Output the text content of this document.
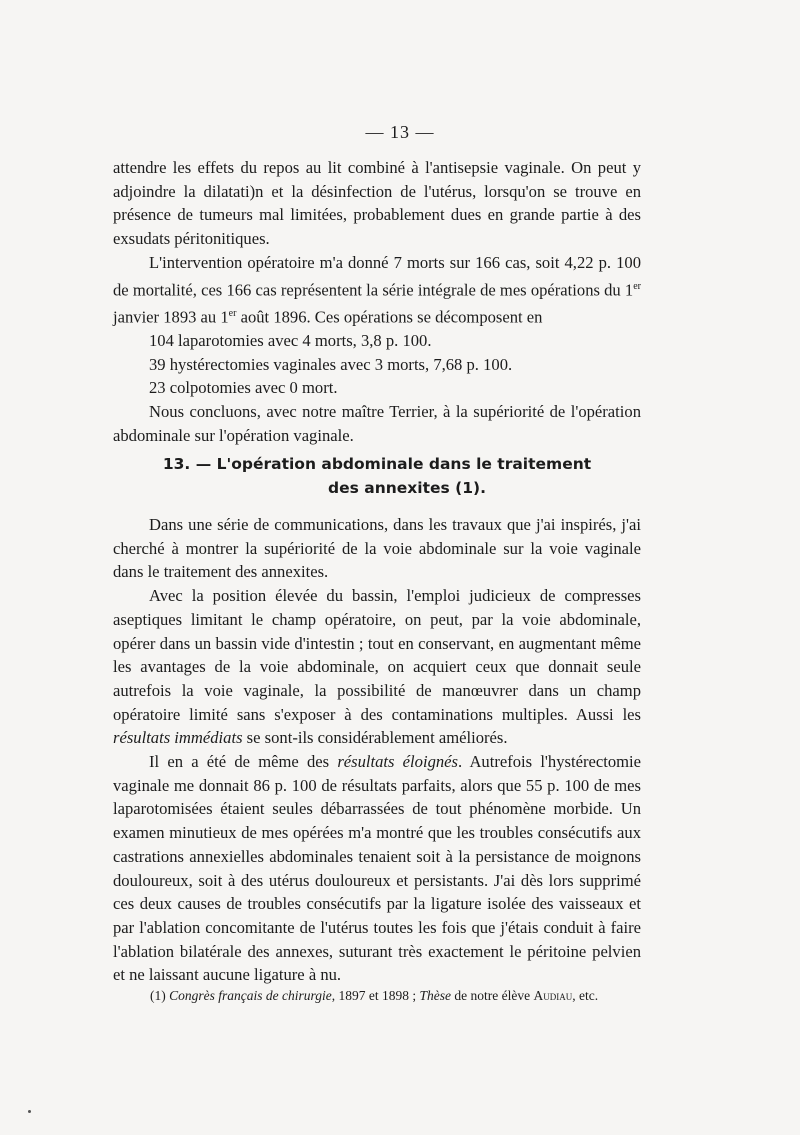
— 13 —

attendre les effets du repos au lit combiné à l'antisepsie vaginale. On peut y adjoindre la dilatati)n et la désinfection de l'utérus, lorsqu'on se trouve en présence de tumeurs mal limitées, probablement dues en grande partie à des exsudats péritonitiques.

L'intervention opératoire m'a donné 7 morts sur 166 cas, soit 4,22 p. 100 de mortalité, ces 166 cas représentent la série intégrale de mes opérations du 1er janvier 1893 au 1er août 1896. Ces opérations se décomposent en

104 laparotomies avec 4 morts, 3,8 p. 100.

39 hystérectomies vaginales avec 3 morts, 7,68 p. 100.

23 colpotomies avec 0 mort.

Nous concluons, avec notre maître Terrier, à la supériorité de l'opération abdominale sur l'opération vaginale.

13. — L'opération abdominale dans le traitement
des annexites (1).

Dans une série de communications, dans les travaux que j'ai inspirés, j'ai cherché à montrer la supériorité de la voie abdominale sur la voie vaginale dans le traitement des annexites.

Avec la position élevée du bassin, l'emploi judicieux de compresses aseptiques limitant le champ opératoire, on peut, par la voie abdominale, opérer dans un bassin vide d'intestin ; tout en conservant, en augmentant même les avantages de la voie abdominale, on acquiert ceux que donnait seule autrefois la voie vaginale, la possibilité de manœuvrer dans un champ opératoire limité sans s'exposer à des contaminations multiples. Aussi les résultats immédiats se sont-ils considérablement améliorés.

Il en a été de même des résultats éloignés. Autrefois l'hystérectomie vaginale me donnait 86 p. 100 de résultats parfaits, alors que 55 p. 100 de mes laparotomisées étaient seules débarrassées de tout phénomène morbide. Un examen minutieux de mes opérées m'a montré que les troubles consécutifs aux castrations annexielles abdominales tenaient soit à la persistance de moignons douloureux, soit à des utérus douloureux et persistants. J'ai dès lors supprimé ces deux causes de troubles consécutifs par la ligature isolée des vaisseaux et par l'ablation concomitante de l'utérus toutes les fois que j'étais conduit à faire l'ablation bilatérale des annexes, suturant très exactement le péritoine pelvien et ne laissant aucune ligature à nu.

(1) Congrès français de chirurgie, 1897 et 1898 ; Thèse de notre élève Audiau, etc.
